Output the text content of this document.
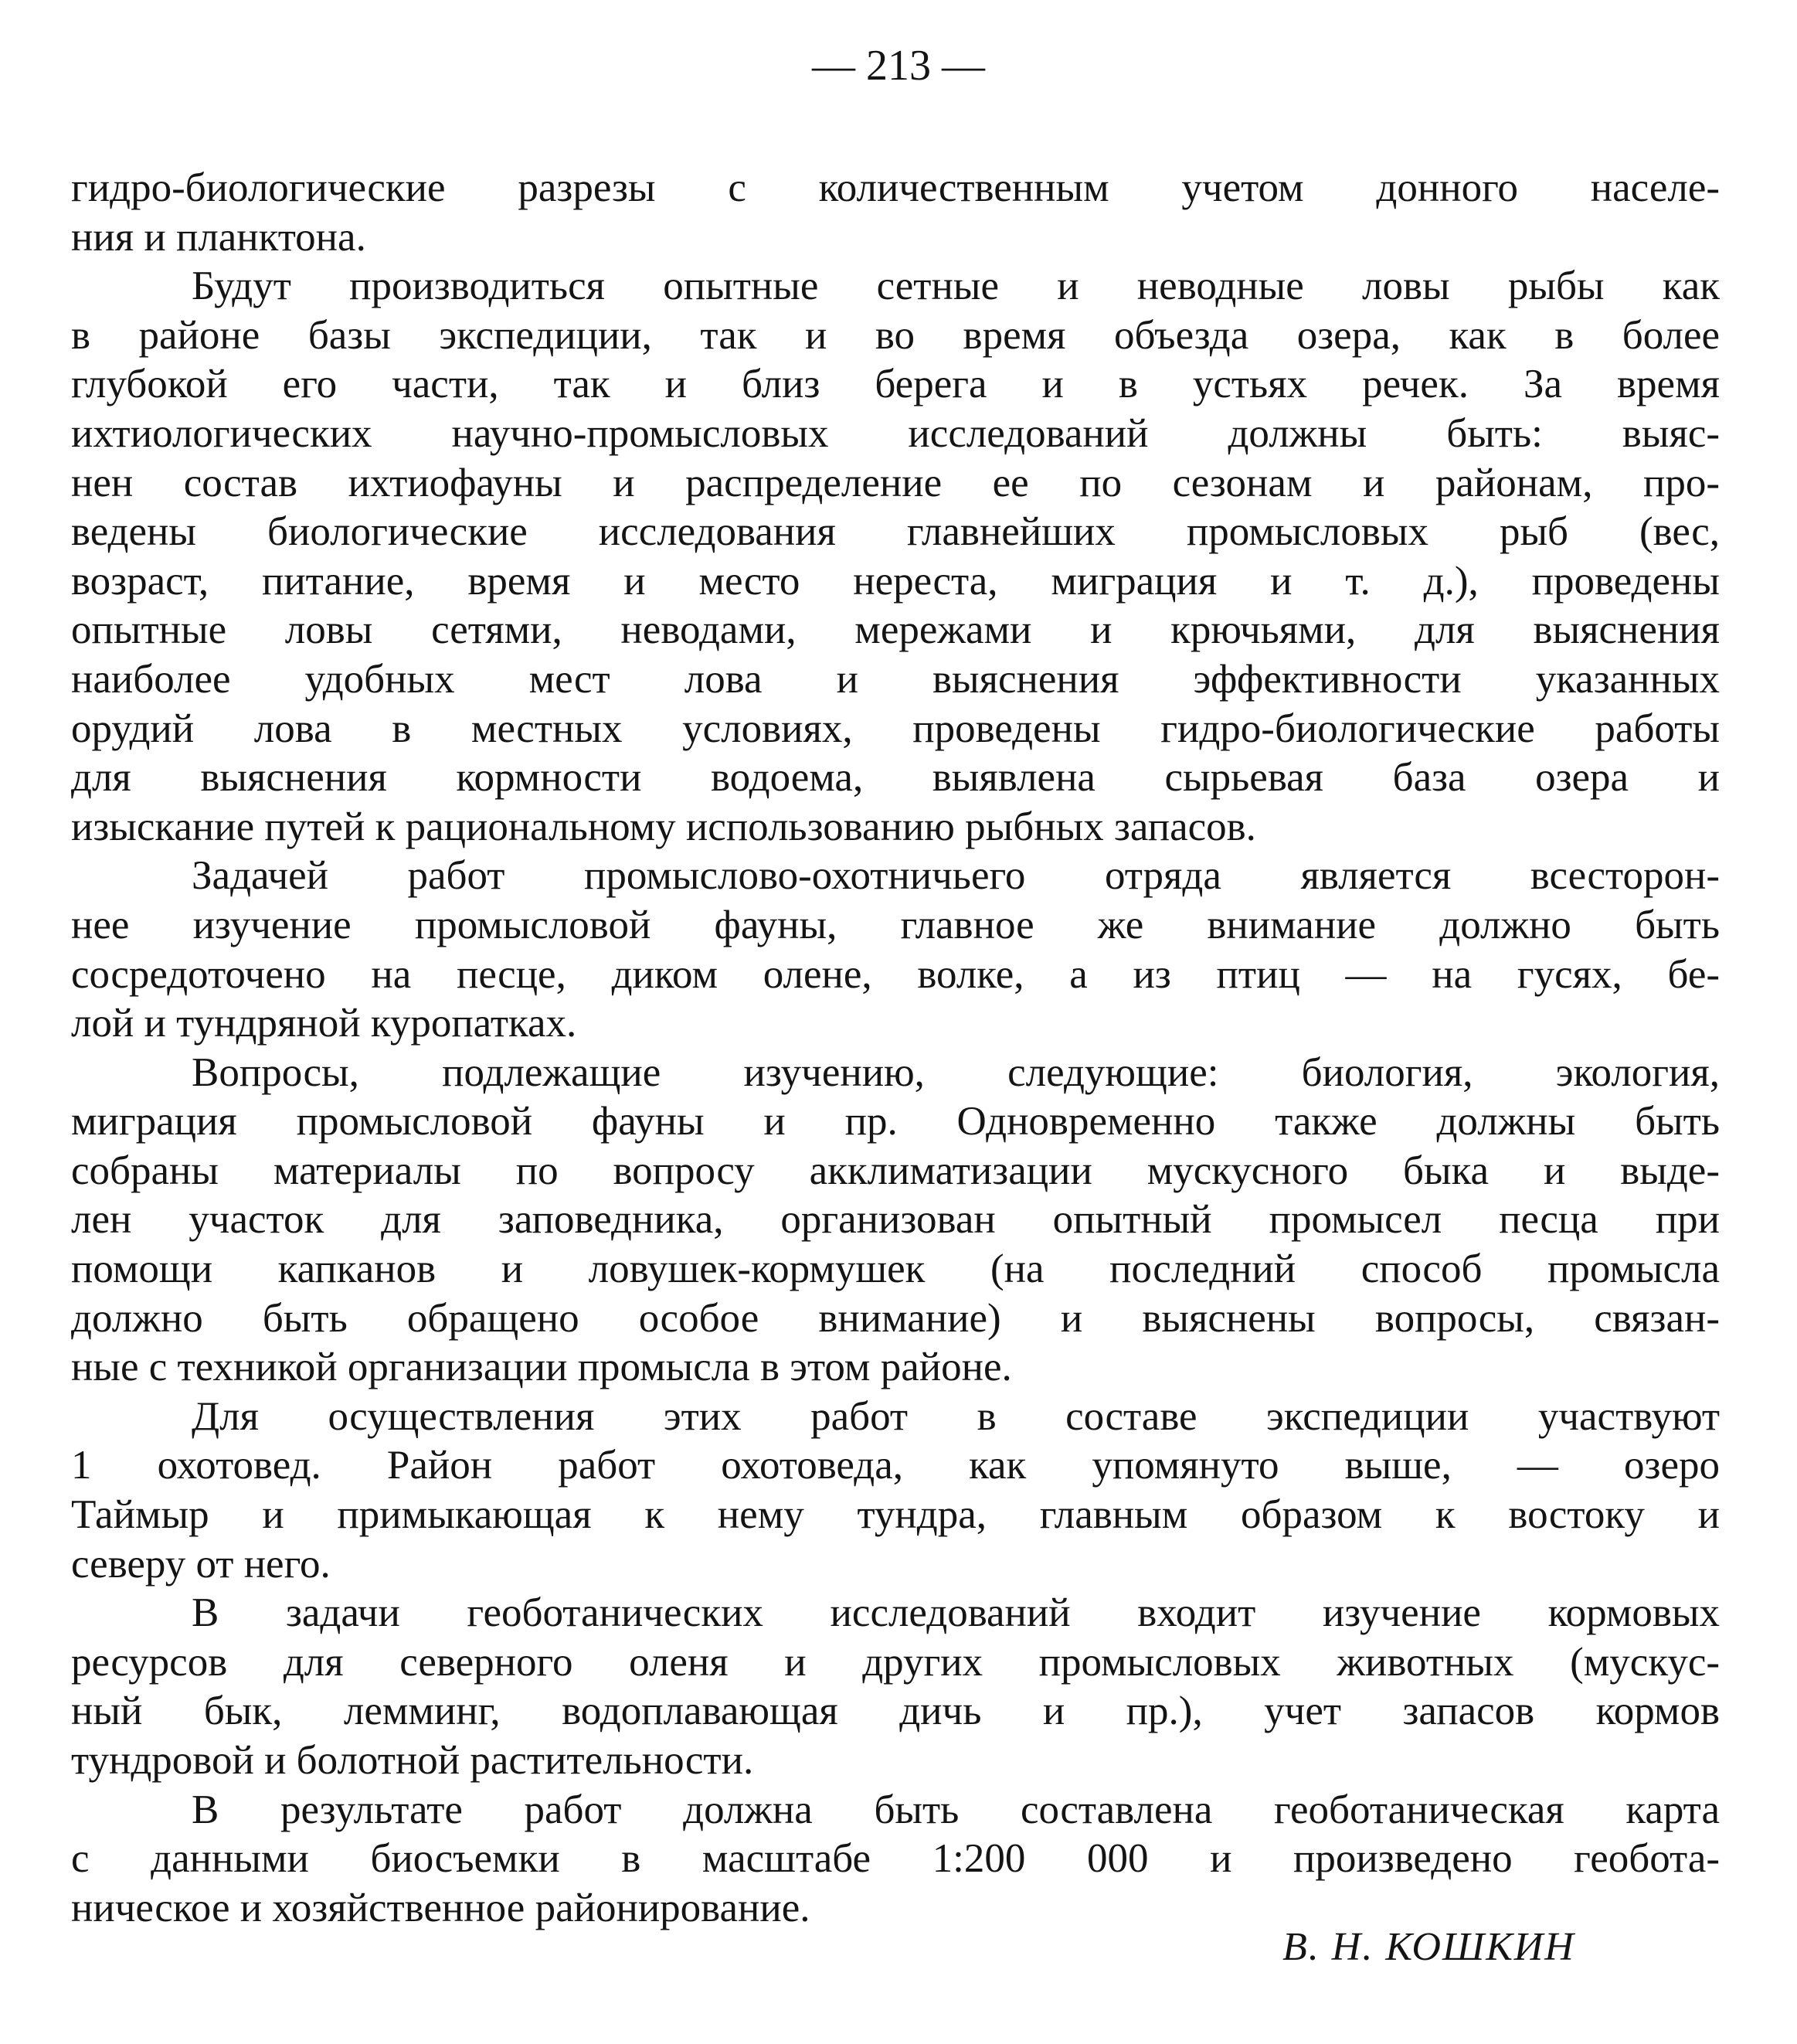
— 213 —
гидро-биологические разрезы с количественным учетом донного населе-
ния и планктона.
Будут производиться опытные сетные и неводные ловы рыбы как
в районе базы экспедиции, так и во время объезда озера, как в более
глубокой его части, так и близ берега и в устьях речек. За время
ихтиологических научно-промысловых исследований должны быть: выяс-
нен состав ихтиофауны и распределение ее по сезонам и районам, про-
ведены биологические исследования главнейших промысловых рыб (вес,
возраст, питание, время и место нереста, миграция и т. д.), проведены
опытные ловы сетями, неводами, мережами и крючьями, для выяснения
наиболее удобных мест лова и выяснения эффективности указанных
орудий лова в местных условиях, проведены гидро-биологические работы
для выяснения кормности водоема, выявлена сырьевая база озера и
изыскание путей к рациональному использованию рыбных запасов.
Задачей работ промыслово-охотничьего отряда является всесторон-
нее изучение промысловой фауны, главное же внимание должно быть
сосредоточено на песце, диком олене, волке, а из птиц — на гусях, бе-
лой и тундряной куропатках.
Вопросы, подлежащие изучению, следующие: биология, экология,
миграция промысловой фауны и пр. Одновременно также должны быть
собраны материалы по вопросу акклиматизации мускусного быка и выде-
лен участок для заповедника, организован опытный промысел песца при
помощи капканов и ловушек-кормушек (на последний способ промысла
должно быть обращено особое внимание) и выяснены вопросы, связан-
ные с техникой организации промысла в этом районе.
Для осуществления этих работ в составе экспедиции участвуют
1 охотовед. Район работ охотоведа, как упомянуто выше, — озеро
Таймыр и примыкающая к нему тундра, главным образом к востоку и
северу от него.
В задачи геоботанических исследований входит изучение кормовых
ресурсов для северного оленя и других промысловых животных (мускус-
ный бык, лемминг, водоплавающая дичь и пр.), учет запасов кормов
тундровой и болотной растительности.
В результате работ должна быть составлена геоботаническая карта
с данными биосъемки в масштабе 1:200 000 и произведено геобота-
ническое и хозяйственное районирование.
В. Н. КОШКИН
